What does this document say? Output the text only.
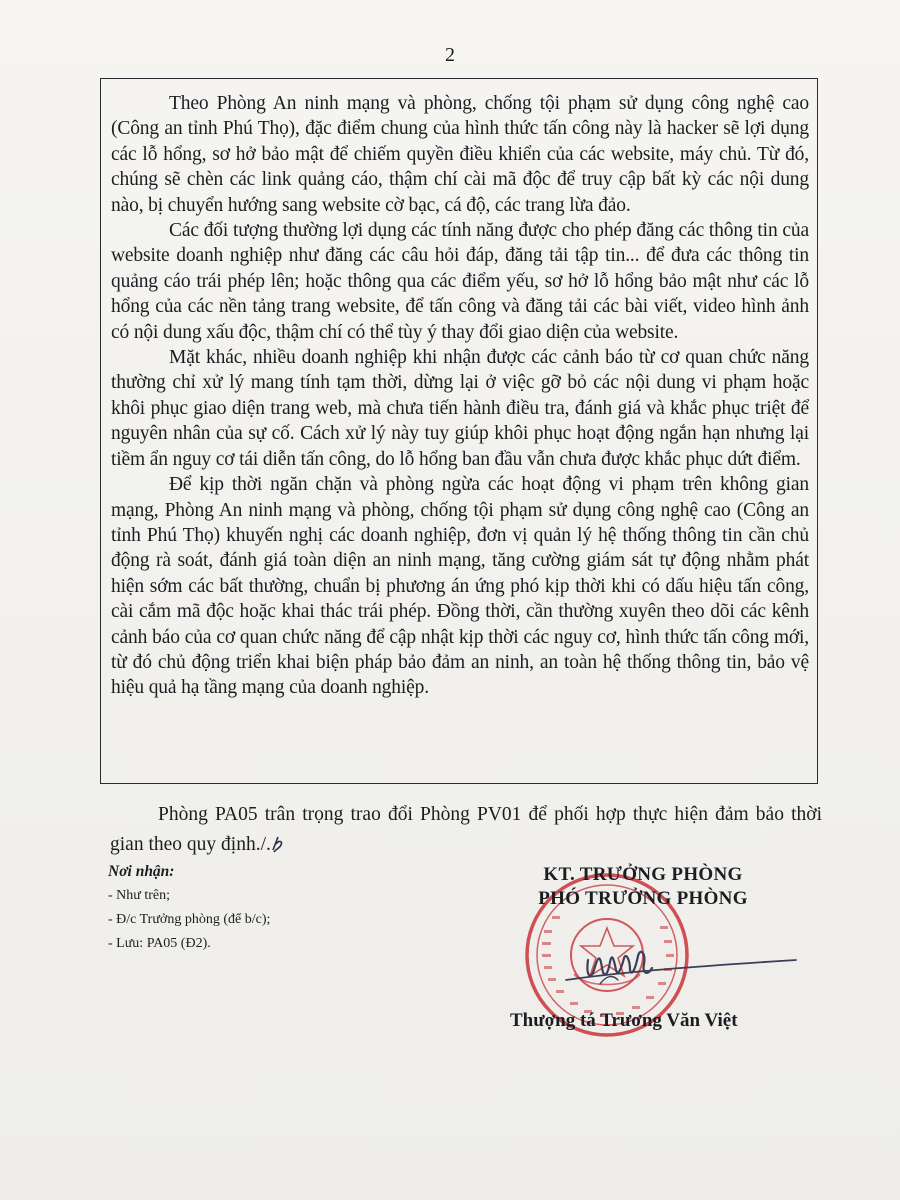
2

Theo Phòng An ninh mạng và phòng, chống tội phạm sử dụng công nghệ cao (Công an tỉnh Phú Thọ), đặc điểm chung của hình thức tấn công này là hacker sẽ lợi dụng các lỗ hổng, sơ hở bảo mật để chiếm quyền điều khiển của các website, máy chủ. Từ đó, chúng sẽ chèn các link quảng cáo, thậm chí cài mã độc để truy cập bất kỳ các nội dung nào, bị chuyển hướng sang website cờ bạc, cá độ, các trang lừa đảo.

Các đối tượng thường lợi dụng các tính năng được cho phép đăng các thông tin của website doanh nghiệp như đăng các câu hỏi đáp, đăng tải tập tin... để đưa các thông tin quảng cáo trái phép lên; hoặc thông qua các điểm yếu, sơ hở lỗ hổng bảo mật như các lỗ hổng của các nền tảng trang website, để tấn công và đăng tải các bài viết, video hình ảnh có nội dung xấu độc, thậm chí có thể tùy ý thay đổi giao diện của website.

Mặt khác, nhiều doanh nghiệp khi nhận được các cảnh báo từ cơ quan chức năng thường chỉ xử lý mang tính tạm thời, dừng lại ở việc gỡ bỏ các nội dung vi phạm hoặc khôi phục giao diện trang web, mà chưa tiến hành điều tra, đánh giá và khắc phục triệt để nguyên nhân của sự cố. Cách xử lý này tuy giúp khôi phục hoạt động ngắn hạn nhưng lại tiềm ẩn nguy cơ tái diễn tấn công, do lỗ hổng ban đầu vẫn chưa được khắc phục dứt điểm.

Để kịp thời ngăn chặn và phòng ngừa các hoạt động vi phạm trên không gian mạng, Phòng An ninh mạng và phòng, chống tội phạm sử dụng công nghệ cao (Công an tỉnh Phú Thọ) khuyến nghị các doanh nghiệp, đơn vị quản lý hệ thống thông tin cần chủ động rà soát, đánh giá toàn diện an ninh mạng, tăng cường giám sát tự động nhằm phát hiện sớm các bất thường, chuẩn bị phương án ứng phó kịp thời khi có dấu hiệu tấn công, cài cắm mã độc hoặc khai thác trái phép. Đồng thời, cần thường xuyên theo dõi các kênh cảnh báo của cơ quan chức năng để cập nhật kịp thời các nguy cơ, hình thức tấn công mới, từ đó chủ động triển khai biện pháp bảo đảm an ninh, an toàn hệ thống thông tin, bảo vệ hiệu quả hạ tầng mạng của doanh nghiệp.

Phòng PA05 trân trọng trao đổi Phòng PV01 để phối hợp thực hiện đảm bảo thời gian theo quy định./.

Nơi nhận:
- Như trên;
- Đ/c Trưởng phòng (để b/c);
- Lưu: PA05 (Đ2).
KT. TRƯỞNG PHÒNG
PHÓ TRƯỞNG PHÒNG
Thượng tá Trương Văn Việt
